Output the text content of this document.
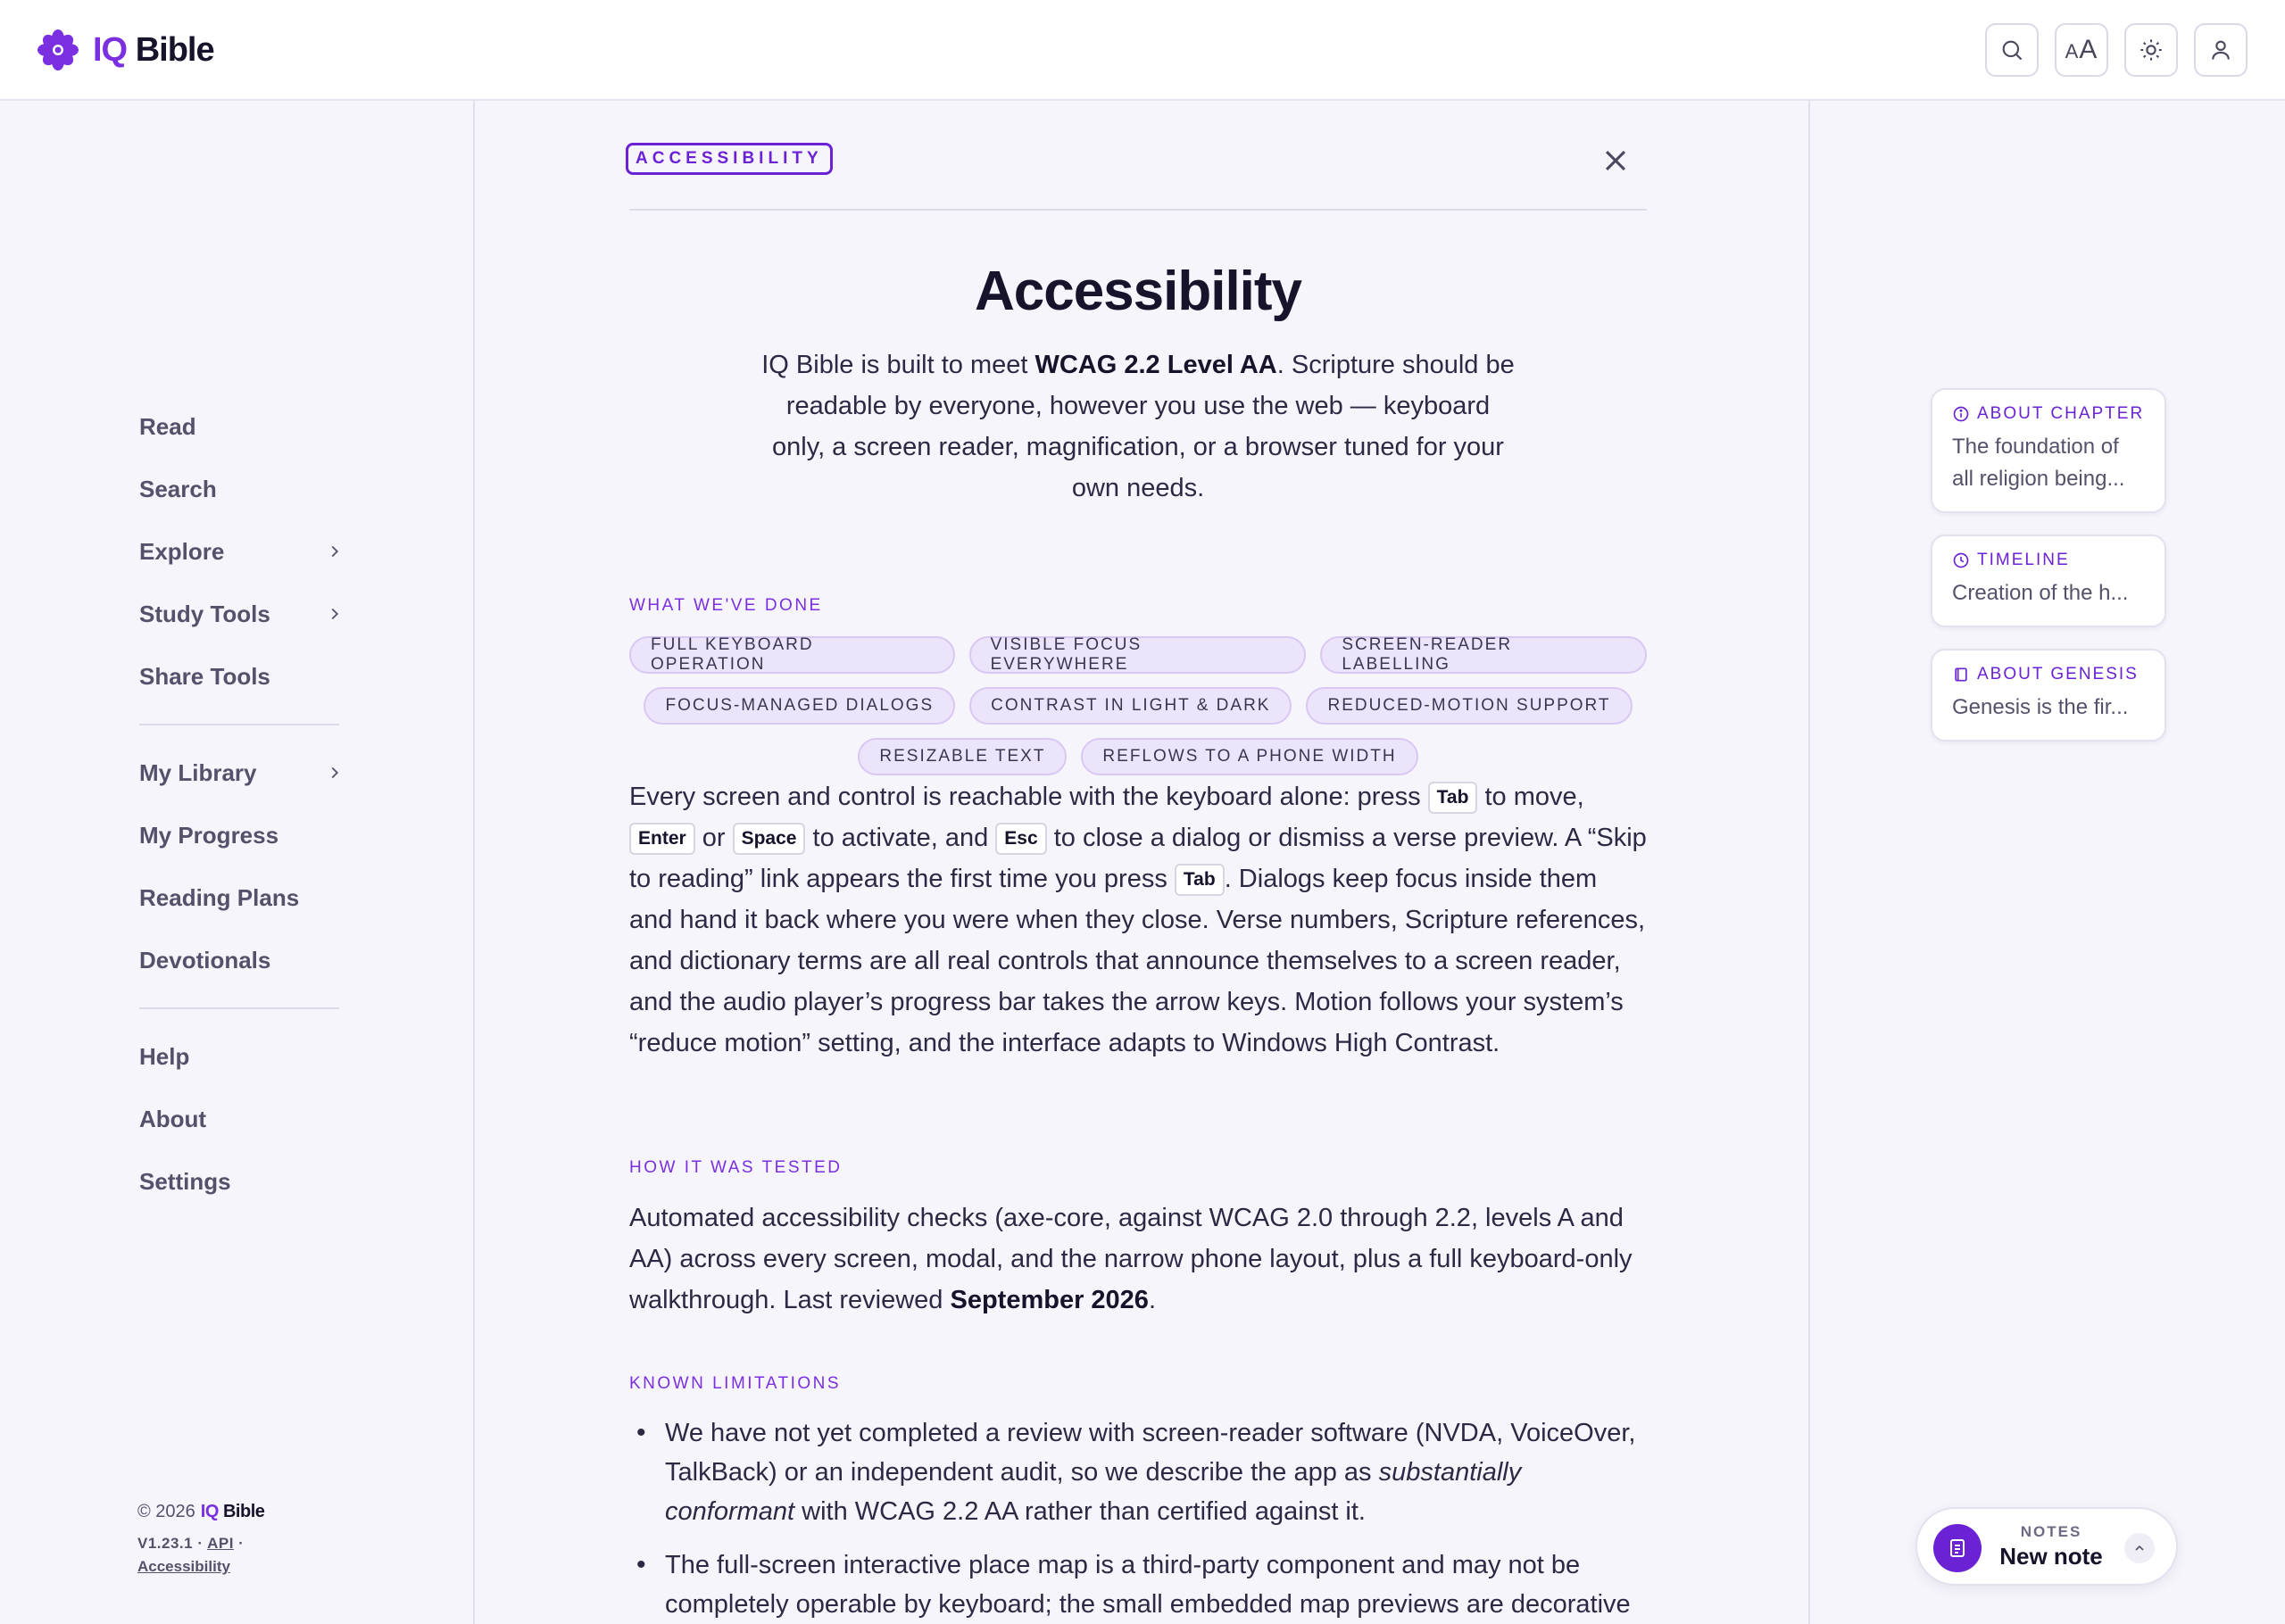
IQ Bible	AA
Read
Search
Explore
Study Tools
Share Tools
My Library
My Progress
Reading Plans
Devotionals
Help
About
Settings
© 2026 IQ Bible
V1.23.1 · API ·
Accessibility
ACCESSIBILITY
Accessibility

IQ Bible is built to meet WCAG 2.2 Level AA. Scripture should be readable by everyone, however you use the web — keyboard only, a screen reader, magnification, or a browser tuned for your own needs.

WHAT WE'VE DONE
FULL KEYBOARD OPERATION
VISIBLE FOCUS EVERYWHERE
SCREEN-READER LABELLING
FOCUS-MANAGED DIALOGS	CONTRAST IN LIGHT & DARK	REDUCED-MOTION SUPPORT
RESIZABLE TEXT	REFLOWS TO A PHONE WIDTH

Every screen and control is reachable with the keyboard alone: press Tab to move, Enter or Space to activate, and Esc to close a dialog or dismiss a verse preview. A “Skip to reading” link appears the first time you press Tab . Dialogs keep focus inside them and hand it back where you were when they close. Verse numbers, Scripture references, and dictionary terms are all real controls that announce themselves to a screen reader, and the audio player’s progress bar takes the arrow keys. Motion follows your system’s “reduce motion” setting, and the interface adapts to Windows High Contrast.

HOW IT WAS TESTED

Automated accessibility checks (axe-core, against WCAG 2.0 through 2.2, levels A and AA) across every screen, modal, and the narrow phone layout, plus a full keyboard-only walkthrough. Last reviewed September 2026.

KNOWN LIMITATIONS
• We have not yet completed a review with screen-reader software (NVDA, VoiceOver, TalkBack) or an independent audit, so we describe the app as substantially conformant with WCAG 2.2 AA rather than certified against it.
• The full-screen interactive place map is a third-party component and may not be completely operable by keyboard; the small embedded map previews are decorative
ABOUT CHAPTER
The foundation of all religion being...
TIMELINE
Creation of the h...
ABOUT GENESIS
Genesis is the fir...
NOTES
New note
